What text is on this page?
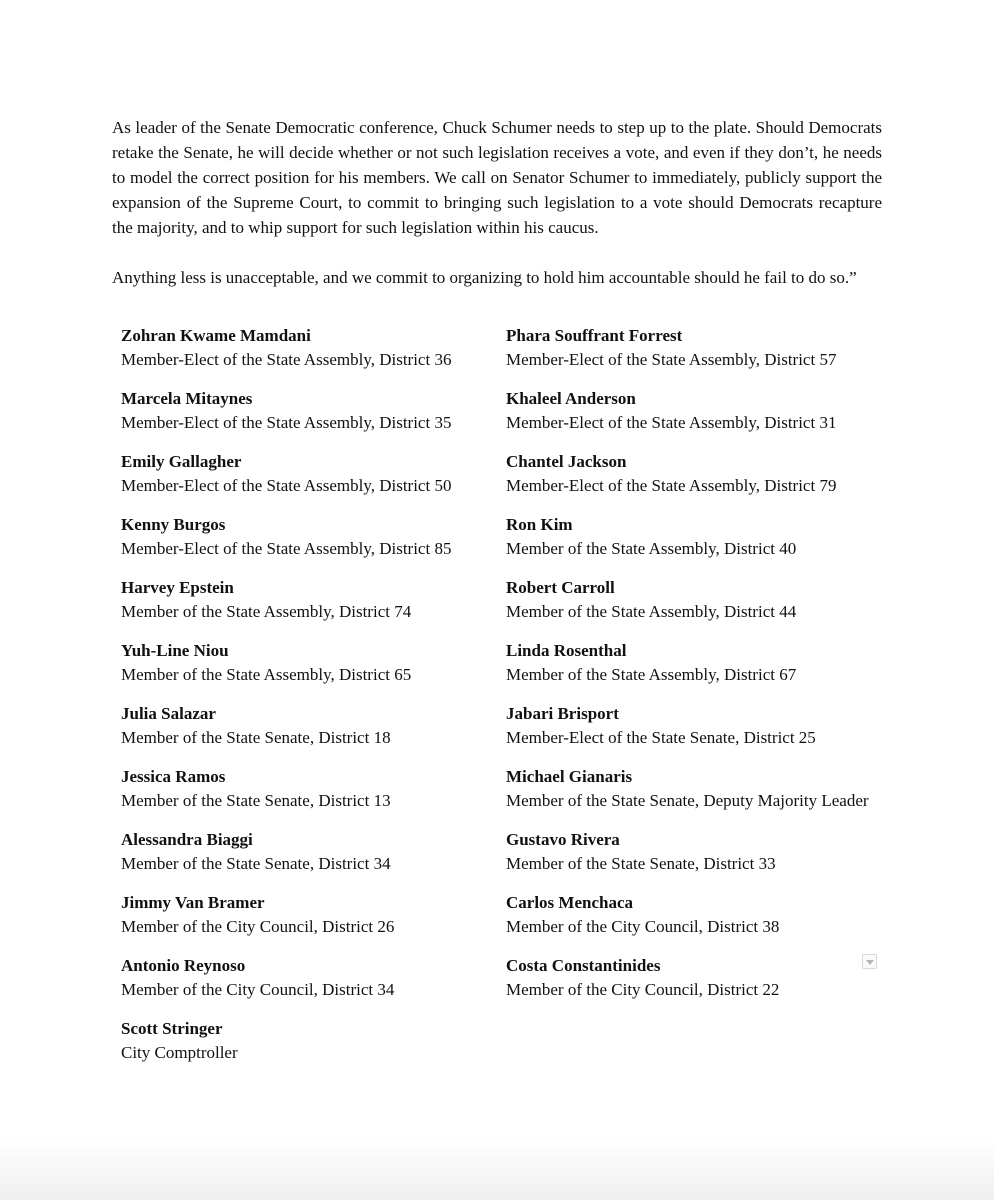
As leader of the Senate Democratic conference, Chuck Schumer needs to step up to the plate. Should Democrats retake the Senate, he will decide whether or not such legislation receives a vote, and even if they don’t, he needs to model the correct position for his members. We call on Senator Schumer to immediately, publicly support the expansion of the Supreme Court, to commit to bringing such legislation to a vote should Democrats recapture the majority, and to whip support for such legislation within his caucus.

Anything less is unacceptable, and we commit to organizing to hold him accountable should he fail to do so.”

Zohran Kwame Mamdani
Member-Elect of the State Assembly, District 36
Marcela Mitaynes
Member-Elect of the State Assembly, District 35
Emily Gallagher
Member-Elect of the State Assembly, District 50
Kenny Burgos
Member-Elect of the State Assembly, District 85
Harvey Epstein
Member of the State Assembly, District 74
Yuh-Line Niou
Member of the State Assembly, District 65
Julia Salazar
Member of the State Senate, District 18
Jessica Ramos
Member of the State Senate, District 13
Alessandra Biaggi
Member of the State Senate, District 34
Jimmy Van Bramer
Member of the City Council, District 26
Antonio Reynoso
Member of the City Council, District 34
Scott Stringer
City Comptroller
Phara Souffrant Forrest
Member-Elect of the State Assembly, District 57
Khaleel Anderson
Member-Elect of the State Assembly, District 31
Chantel Jackson
Member-Elect of the State Assembly, District 79
Ron Kim
Member of the State Assembly, District 40
Robert Carroll
Member of the State Assembly, District 44
Linda Rosenthal
Member of the State Assembly, District 67
Jabari Brisport
Member-Elect of the State Senate, District 25
Michael Gianaris
Member of the State Senate, Deputy Majority Leader
Gustavo Rivera
Member of the State Senate, District 33
Carlos Menchaca
Member of the City Council, District 38
Costa Constantinides
Member of the City Council, District 22
